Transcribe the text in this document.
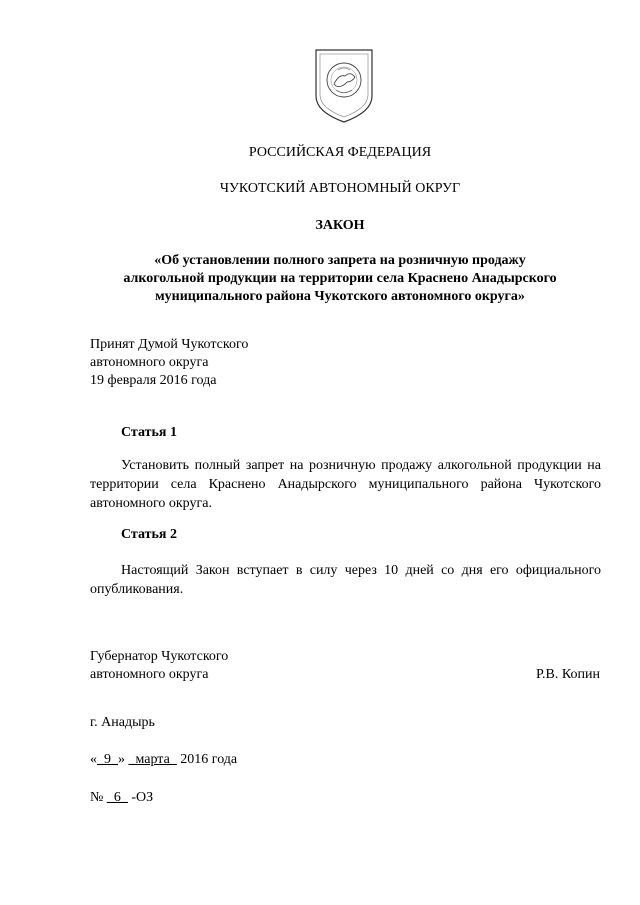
РОССИЙСКАЯ ФЕДЕРАЦИЯ
ЧУКОТСКИЙ АВТОНОМНЫЙ ОКРУГ
ЗАКОН
«Об установлении полного запрета на розничную продажу
алкогольной продукции на территории села Краснено Анадырского
муниципального района Чукотского автономного округа»
Принят Думой Чукотского
автономного округа
19 февраля 2016 года
Статья 1
Установить полный запрет на розничную продажу алкогольной продукции на территории села Краснено Анадырского муниципального района Чукотского автономного округа.
Статья 2
Настоящий Закон вступает в силу через 10 дней со дня его официального опубликования.
Губернатор Чукотского
автономного округа	Р.В. Копин
г. Анадырь
«_9_» _марта_ 2016 года
№ _6_ -ОЗ
